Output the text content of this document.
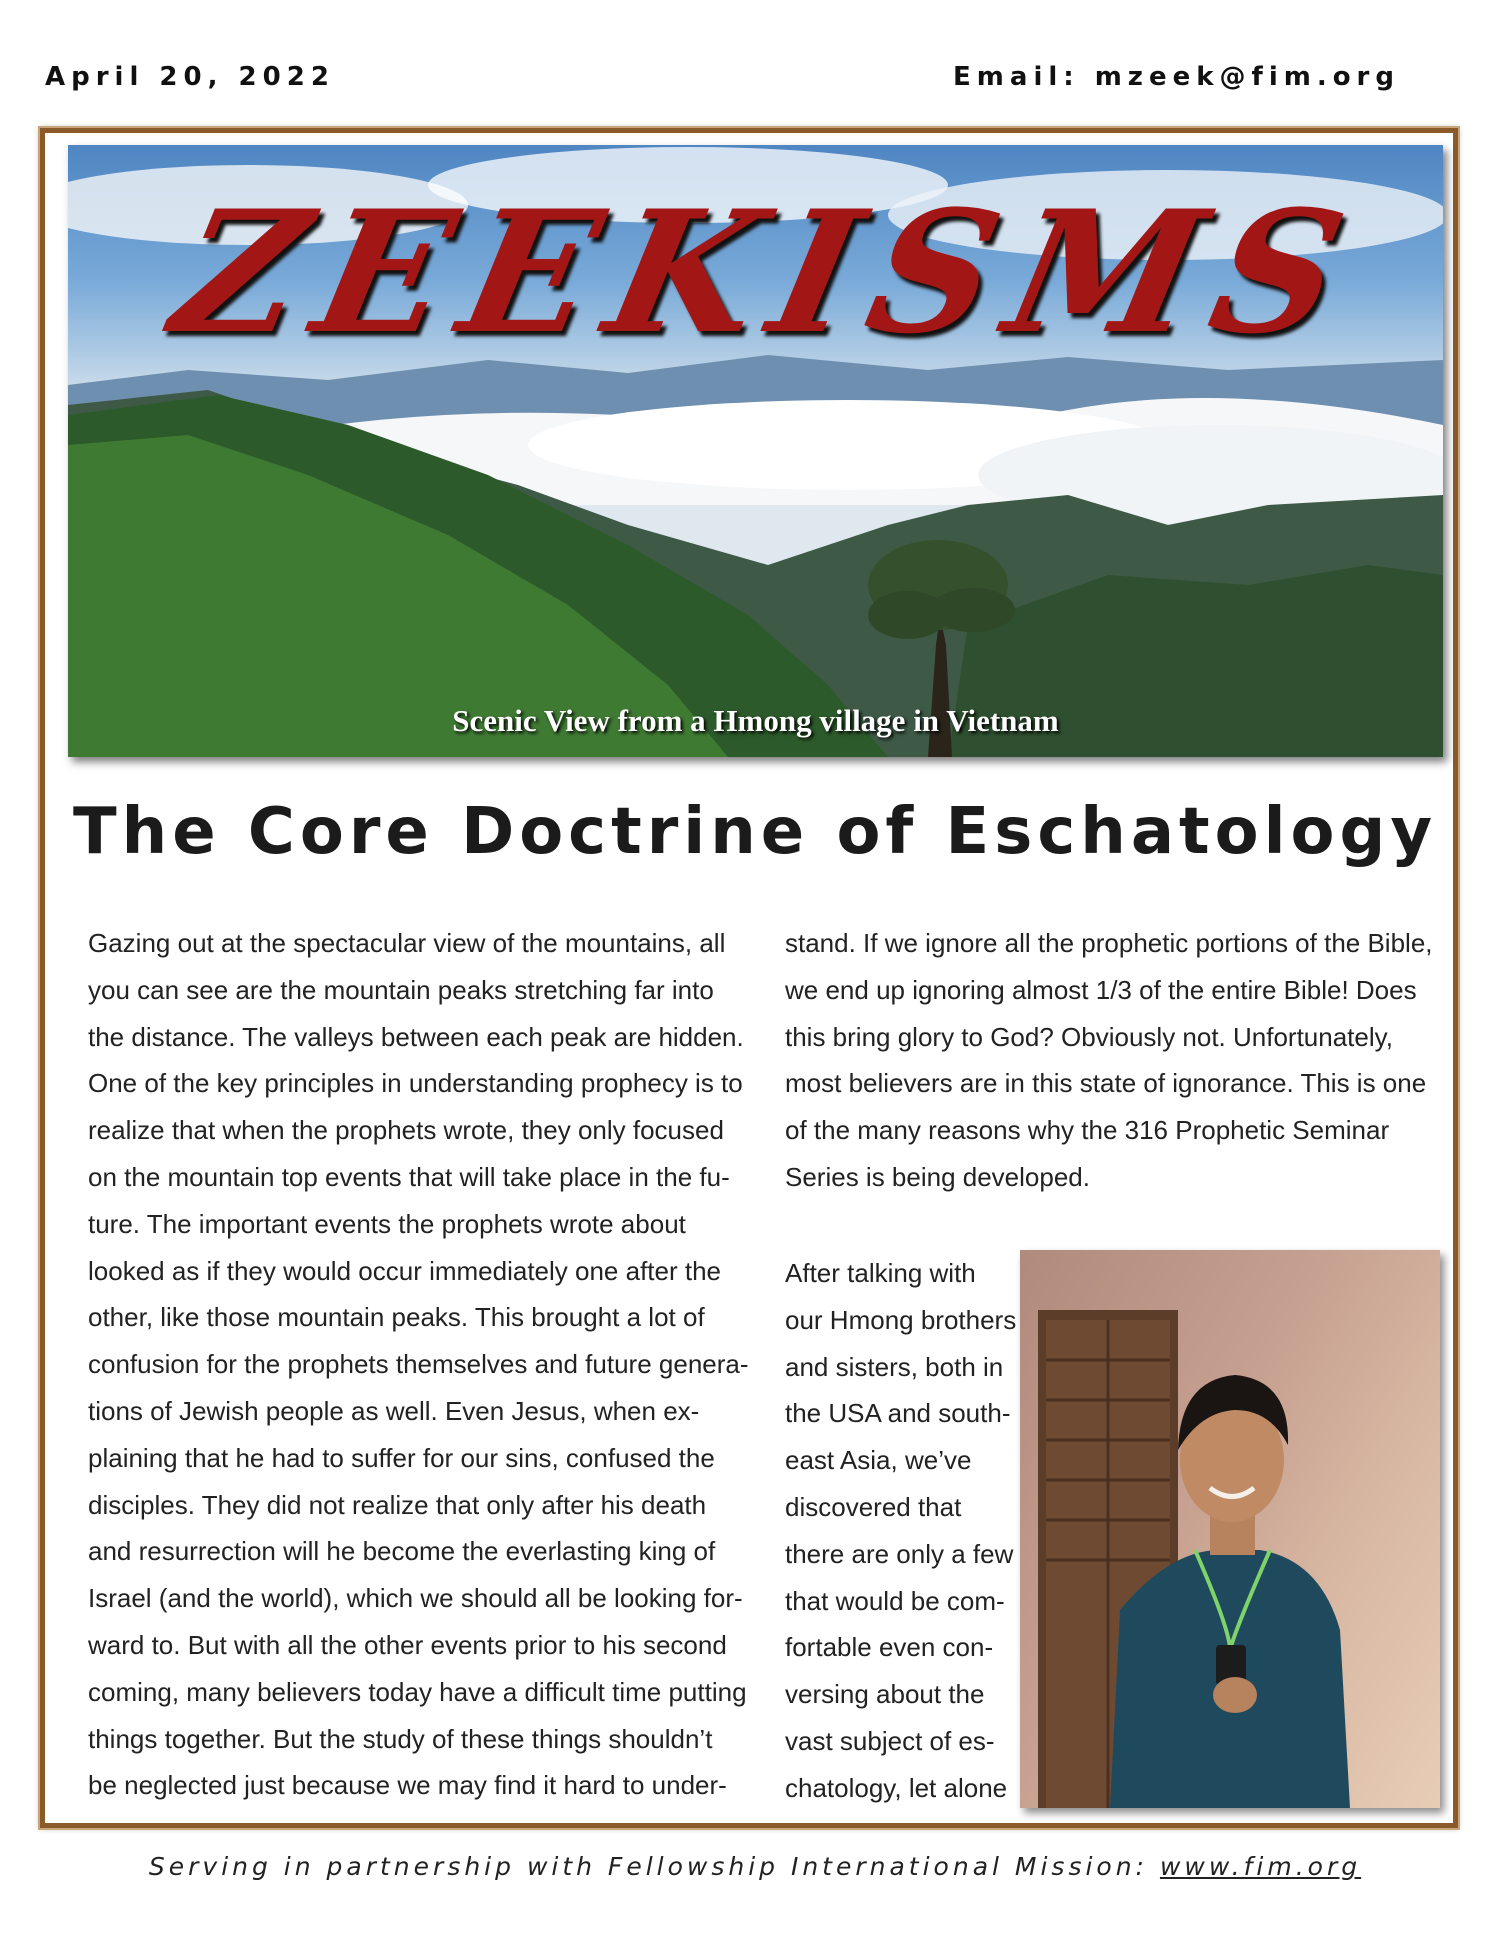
April 20, 2022	Email: mzeek@fim.org
ZEEKISMS
Scenic View from a Hmong village in Vietnam
The Core Doctrine of Eschatology
Gazing out at the spectacular view of the mountains, all
you can see are the mountain peaks stretching far into
the distance. The valleys between each peak are hidden.
One of the key principles in understanding prophecy is to
realize that when the prophets wrote, they only focused
on the mountain top events that will take place in the fu-
ture. The important events the prophets wrote about
looked as if they would occur immediately one after the
other, like those mountain peaks. This brought a lot of
confusion for the prophets themselves and future genera-
tions of Jewish people as well. Even Jesus, when ex-
plaining that he had to suffer for our sins, confused the
disciples. They did not realize that only after his death
and resurrection will he become the everlasting king of
Israel (and the world), which we should all be looking for-
ward to. But with all the other events prior to his second
coming, many believers today have a difficult time putting
things together. But the study of these things shouldn’t
be neglected just because we may find it hard to under-
stand. If we ignore all the prophetic portions of the Bible,
we end up ignoring almost 1/3 of the entire Bible! Does
this bring glory to God? Obviously not. Unfortunately,
most believers are in this state of ignorance. This is one
of the many reasons why the 316 Prophetic Seminar
Series is being developed.
After talking with
our Hmong brothers
and sisters, both in
the USA and south-
east Asia, we’ve
discovered that
there are only a few
that would be com-
fortable even con-
versing about the
vast subject of es-
chatology, let alone
Serving in partnership with Fellowship International Mission: www.fim.org
